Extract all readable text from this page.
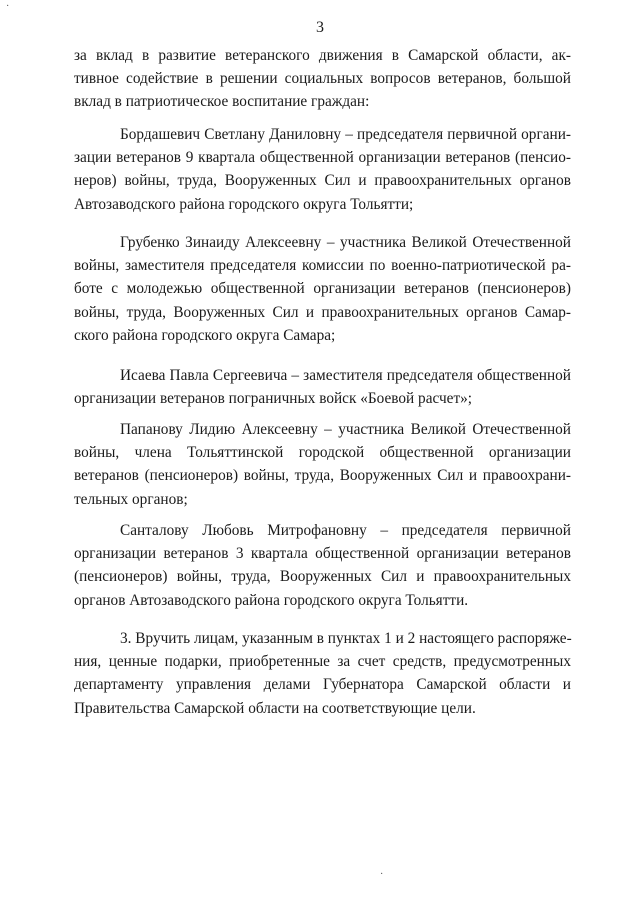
·
3
за вклад в развитие ветеранского движения в Самарской области, ак-
тивное содействие в решении социальных вопросов ветеранов, большой
вклад в патриотическое воспитание граждан:
Бордашевич Светлану Даниловну – председателя первичной органи-
зации ветеранов 9 квартала общественной организации ветеранов (пенсио-
неров) войны, труда, Вооруженных Сил и правоохранительных органов
Автозаводского района городского округа Тольятти;
Грубенко Зинаиду Алексеевну – участника Великой Отечественной
войны, заместителя председателя комиссии по военно-патриотической ра-
боте с молодежью общественной организации ветеранов (пенсионеров)
войны, труда, Вооруженных Сил и правоохранительных органов Самар-
ского района городского округа Самара;
Исаева Павла Сергеевича – заместителя председателя общественной
организации ветеранов пограничных войск «Боевой расчет»;
Папанову Лидию Алексеевну – участника Великой Отечественной
войны, члена Тольяттинской городской общественной организации
ветеранов (пенсионеров) войны, труда, Вооруженных Сил и правоохрани-
тельных органов;
Санталову Любовь Митрофановну – председателя первичной
организации ветеранов 3 квартала общественной организации ветеранов
(пенсионеров) войны, труда, Вооруженных Сил и правоохранительных
органов Автозаводского района городского округа Тольятти.
3. Вручить лицам, указанным в пунктах 1 и 2 настоящего распоряже-
ния, ценные подарки, приобретенные за счет средств, предусмотренных
департаменту управления делами Губернатора Самарской области и
Правительства Самарской области на соответствующие цели.
·
